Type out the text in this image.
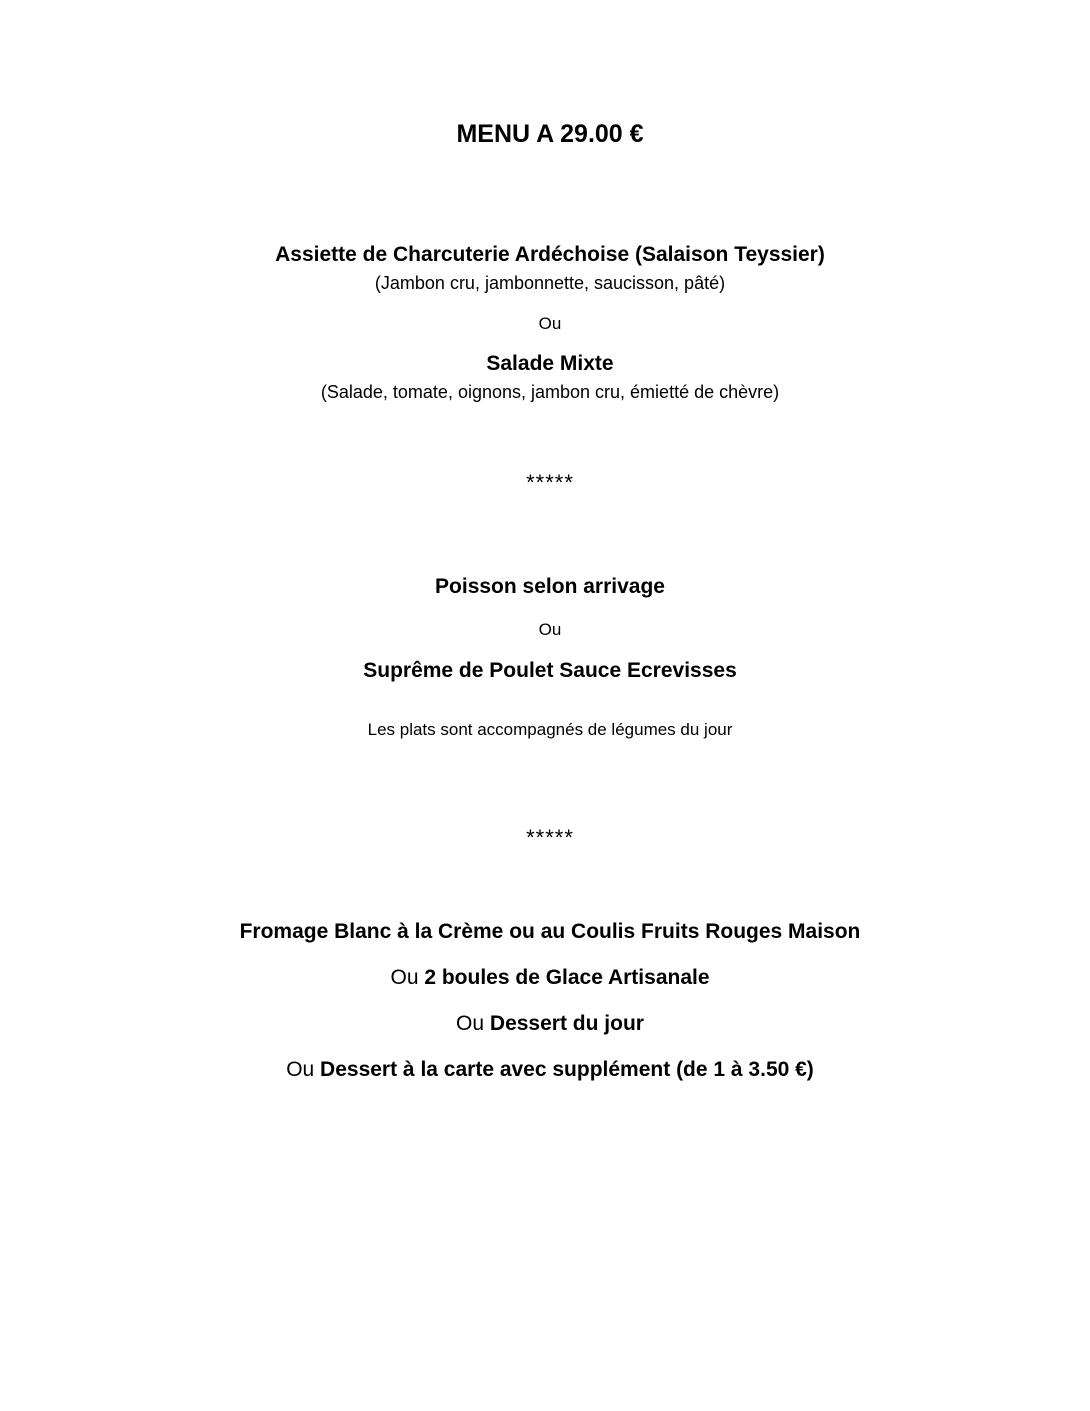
MENU A 29.00 €
Assiette de Charcuterie Ardéchoise (Salaison Teyssier)
(Jambon cru, jambonnette, saucisson, pâté)
Ou
Salade Mixte
(Salade, tomate, oignons, jambon cru, émietté de chèvre)
*****
Poisson selon arrivage
Ou
Suprême de Poulet Sauce Ecrevisses
Les plats sont accompagnés de légumes du jour
*****
Fromage Blanc à la Crème ou au Coulis Fruits Rouges Maison
Ou 2 boules de Glace Artisanale
Ou Dessert du jour
Ou Dessert à la carte avec supplément (de 1 à 3.50 €)
